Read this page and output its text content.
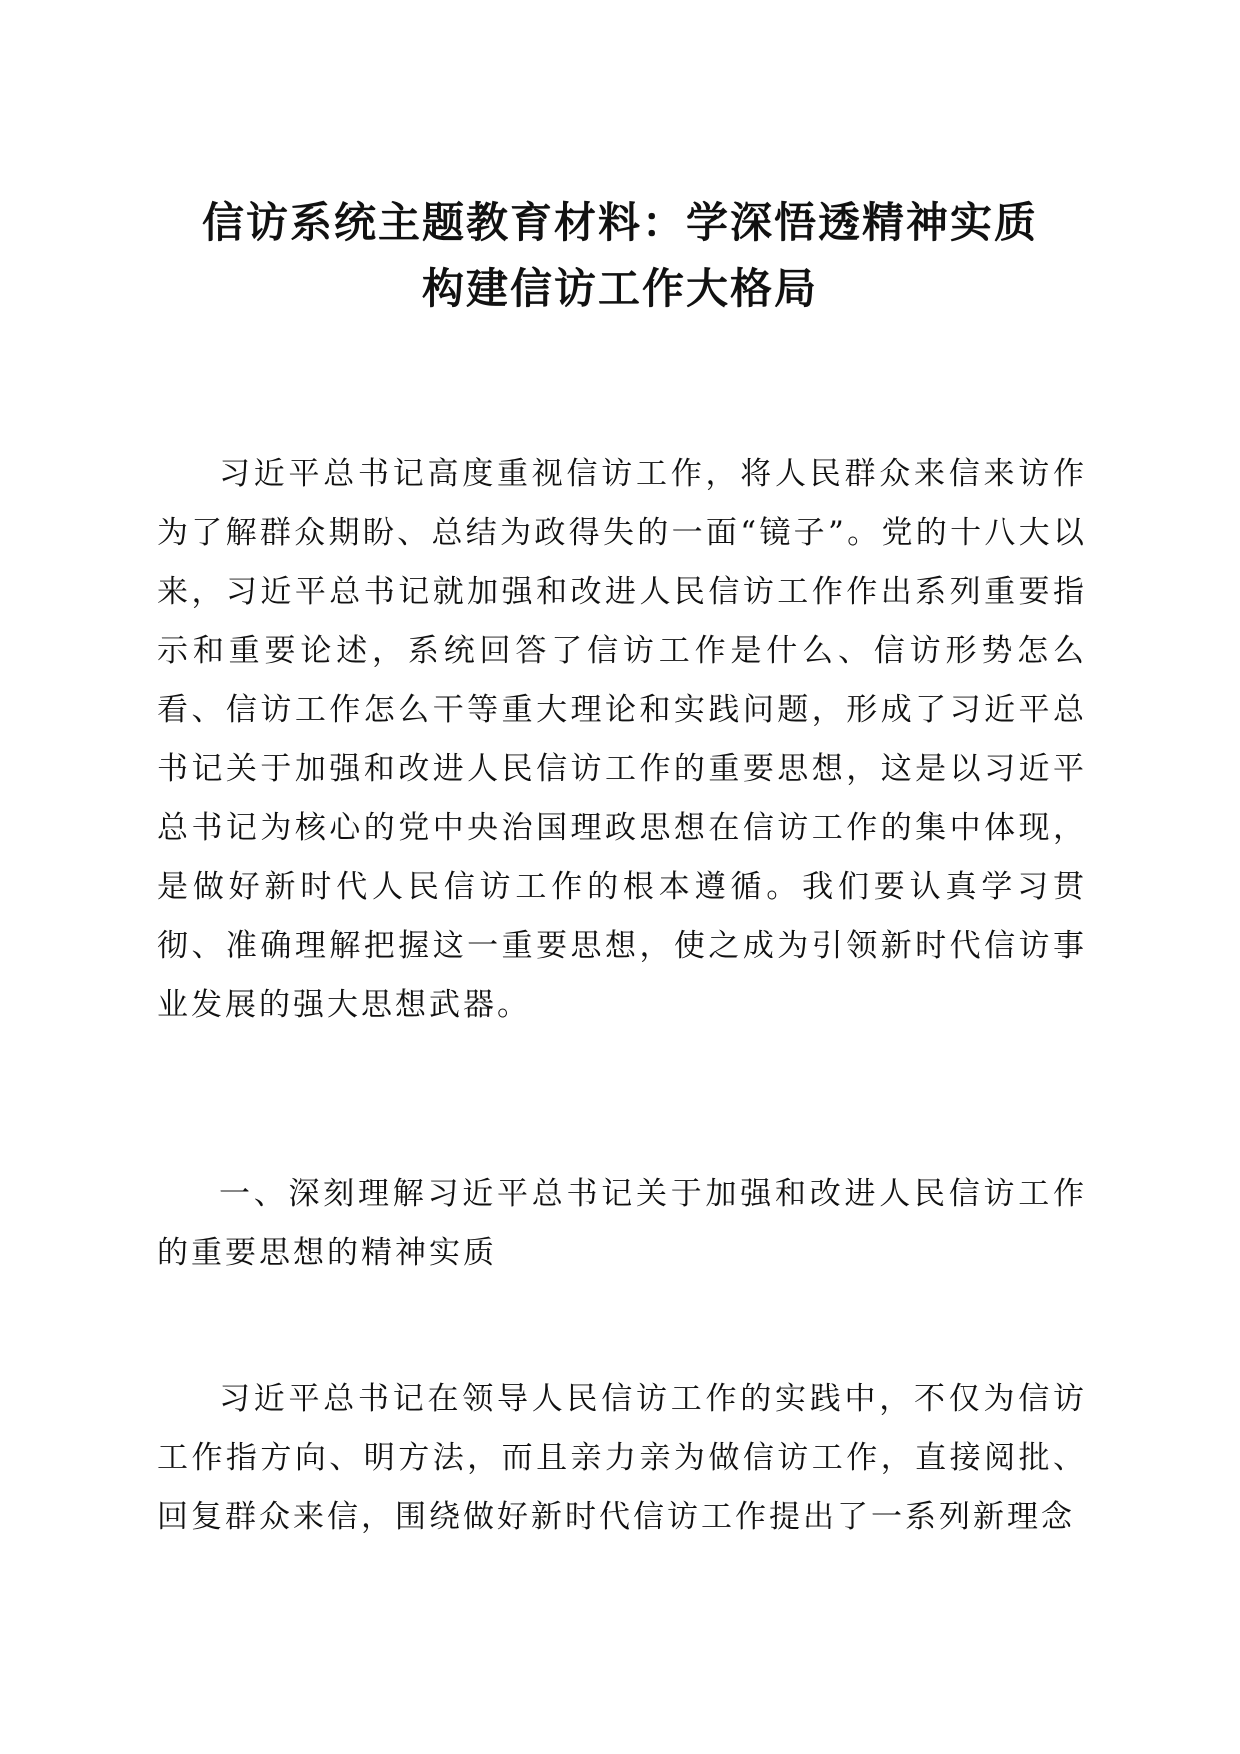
信访系统主题教育材料：学深悟透精神实质
构建信访工作大格局

习近平总书记高度重视信访工作，将人民群众来信来访作为了解群众期盼、总结为政得失的一面“镜子”。党的十八大以来，习近平总书记就加强和改进人民信访工作作出系列重要指示和重要论述，系统回答了信访工作是什么、信访形势怎么看、信访工作怎么干等重大理论和实践问题，形成了习近平总书记关于加强和改进人民信访工作的重要思想，这是以习近平总书记为核心的党中央治国理政思想在信访工作的集中体现，是做好新时代人民信访工作的根本遵循。我们要认真学习贯彻、准确理解把握这一重要思想，使之成为引领新时代信访事业发展的强大思想武器。

一、深刻理解习近平总书记关于加强和改进人民信访工作的重要思想的精神实质

习近平总书记在领导人民信访工作的实践中，不仅为信访工作指方向、明方法，而且亲力亲为做信访工作，直接阅批、回复群众来信，围绕做好新时代信访工作提出了一系列新理念
